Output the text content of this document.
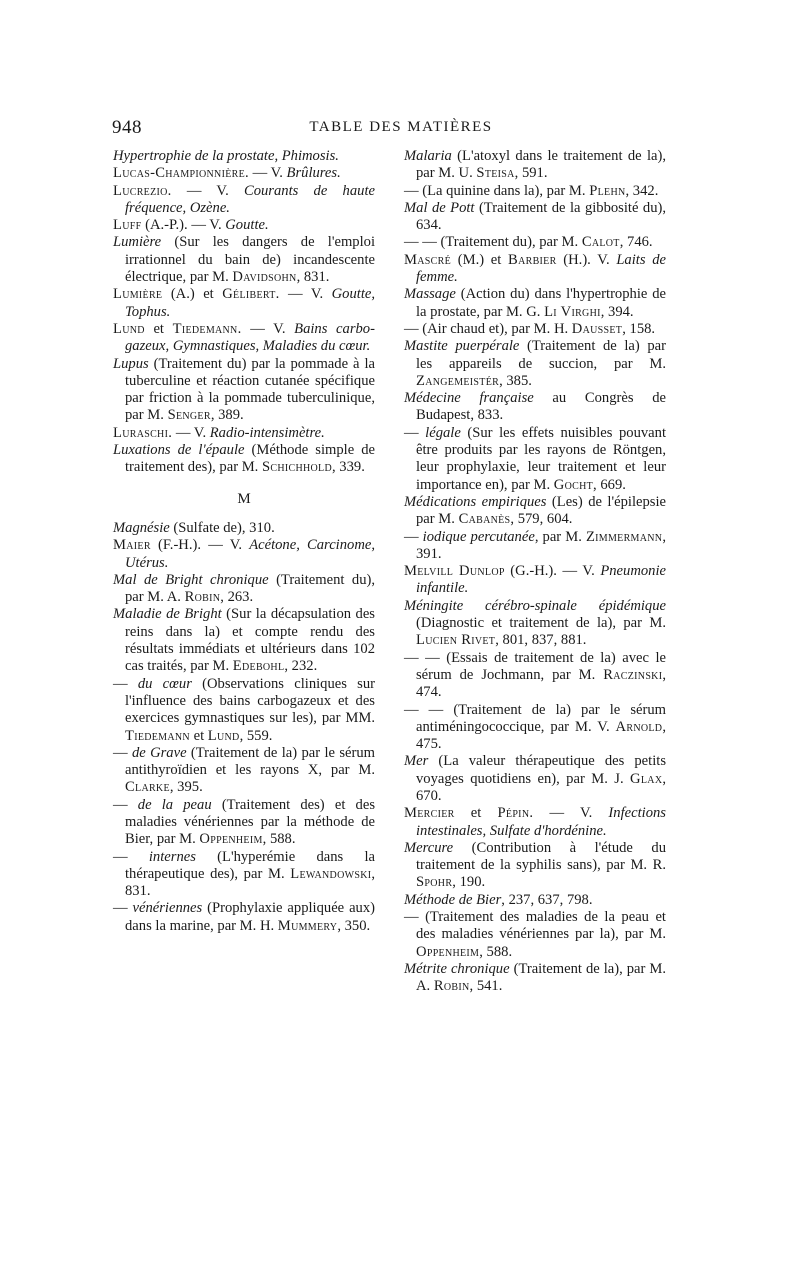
948	TABLE DES MATIÈRES

Hypertrophie de la prostate, Phimosis.

Lucas-Championnière. — V. Brûlures.

Lucrezio. — V. Courants de haute fréquence, Ozène.

Luff (A.-P.). — V. Goutte.

Lumière (Sur les dangers de l'emploi irrationnel du bain de) incandescente électrique, par M. Davidsohn, 831.

Lumière (A.) et Gélibert. — V. Goutte, Tophus.

Lund et Tiedemann. — V. Bains carbo-gazeux, Gymnastiques, Maladies du cœur.

Lupus (Traitement du) par la pommade à la tuberculine et réaction cutanée spécifique par friction à la pommade tuberculinique, par M. Senger, 389.

Luraschi. — V. Radio-intensimètre.

Luxations de l'épaule (Méthode simple de traitement des), par M. Schichhold, 339.

M

Magnésie (Sulfate de), 310.

Maier (F.-H.). — V. Acétone, Carcinome, Utérus.

Mal de Bright chronique (Traitement du), par M. A. Robin, 263.

Maladie de Bright (Sur la décapsulation des reins dans la) et compte rendu des résultats immédiats et ultérieurs dans 102 cas traités, par M. Edebohl, 232.

— du cœur (Observations cliniques sur l'influence des bains carbogazeux et des exercices gymnastiques sur les), par MM. Tiedemann et Lund, 559.

— de Grave (Traitement de la) par le sérum antithyroïdien et les rayons X, par M. Clarke, 395.

— de la peau (Traitement des) et des maladies vénériennes par la méthode de Bier, par M. Oppenheim, 588.

— internes (L'hyperémie dans la thérapeutique des), par M. Lewandowski, 831.

— vénériennes (Prophylaxie appliquée aux) dans la marine, par M. H. Mummery, 350.

Malaria (L'atoxyl dans le traitement de la), par M. U. Steisa, 591.

— (La quinine dans la), par M. Plehn, 342.

Mal de Pott (Traitement de la gibbosité du), 634.

— — (Traitement du), par M. Calot, 746.

Mascré (M.) et Barbier (H.). V. Laits de femme.

Massage (Action du) dans l'hypertrophie de la prostate, par M. G. Li Virghi, 394.

— (Air chaud et), par M. H. Dausset, 158.

Mastite puerpérale (Traitement de la) par les appareils de succion, par M. Zangemeistér, 385.

Médecine française au Congrès de Budapest, 833.

— légale (Sur les effets nuisibles pouvant être produits par les rayons de Röntgen, leur prophylaxie, leur traitement et leur importance en), par M. Gocht, 669.

Médications empiriques (Les) de l'épilepsie par M. Cabanès, 579, 604.

— iodique percutanée, par M. Zimmermann, 391.

Melvill Dunlop (G.-H.). — V. Pneumonie infantile.

Méningite cérébro-spinale épidémique (Diagnostic et traitement de la), par M. Lucien Rivet, 801, 837, 881.

— — (Essais de traitement de la) avec le sérum de Jochmann, par M. Raczinski, 474.

— — (Traitement de la) par le sérum antiméningococcique, par M. V. Arnold, 475.

Mer (La valeur thérapeutique des petits voyages quotidiens en), par M. J. Glax, 670.

Mercier et Pépin. — V. Infections intestinales, Sulfate d'hordénine.

Mercure (Contribution à l'étude du traitement de la syphilis sans), par M. R. Spohr, 190.

Méthode de Bier, 237, 637, 798.

— (Traitement des maladies de la peau et des maladies vénériennes par la), par M. Oppenheim, 588.

Métrite chronique (Traitement de la), par M. A. Robin, 541.
